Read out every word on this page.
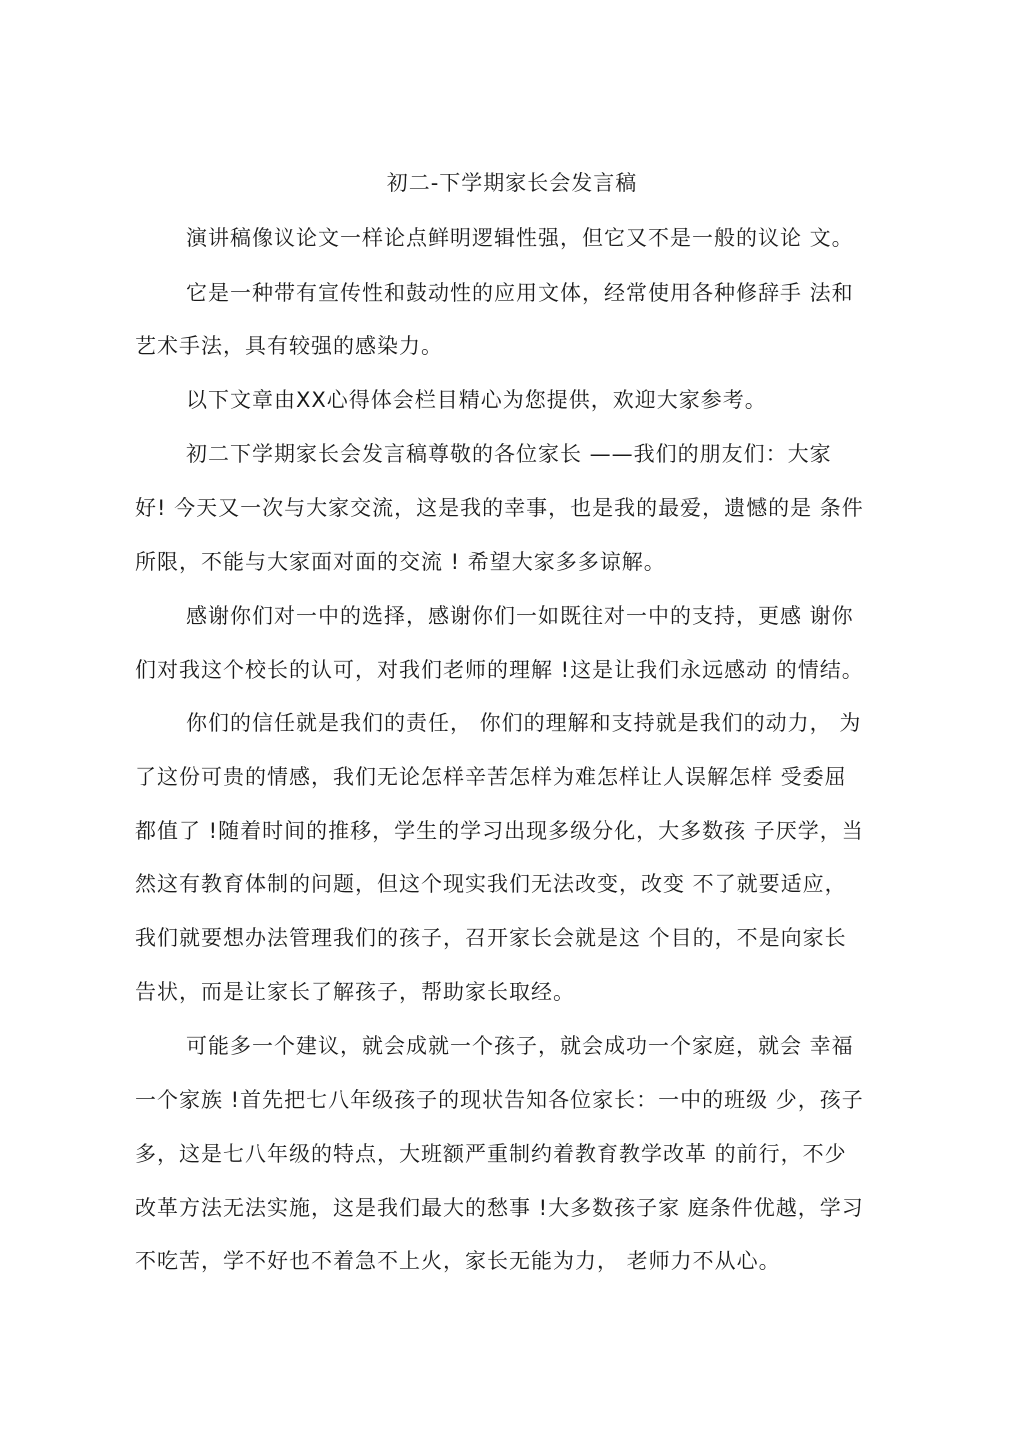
初二-下学期家长会发言稿
演讲稿像议论文一样论点鲜明逻辑性强，但它又不是一般的议论 文。
它是一种带有宣传性和鼓动性的应用文体，经常使用各种修辞手 法和
艺术手法，具有较强的感染力。
以下文章由XX心得体会栏目精心为您提供，欢迎大家参考。
初二下学期家长会发言稿尊敬的各位家长 ——我们的朋友们：大家
好! 今天又一次与大家交流，这是我的幸事，也是我的最爱，遗憾的是 条件
所限，不能与大家面对面的交流 ! 希望大家多多谅解。
感谢你们对一中的选择，感谢你们一如既往对一中的支持，更感 谢你
们对我这个校长的认可，对我们老师的理解 !这是让我们永远感动 的情结。
你们的信任就是我们的责任， 你们的理解和支持就是我们的动力， 为
了这份可贵的情感，我们无论怎样辛苦怎样为难怎样让人误解怎样 受委屈
都值了 !随着时间的推移，学生的学习出现多级分化，大多数孩 子厌学，当
然这有教育体制的问题，但这个现实我们无法改变，改变 不了就要适应，
我们就要想办法管理我们的孩子，召开家长会就是这 个目的，不是向家长
告状，而是让家长了解孩子，帮助家长取经。
可能多一个建议，就会成就一个孩子，就会成功一个家庭，就会 幸福
一个家族 !首先把七八年级孩子的现状告知各位家长：一中的班级 少，孩子
多，这是七八年级的特点，大班额严重制约着教育教学改革 的前行，不少
改革方法无法实施，这是我们最大的愁事 !大多数孩子家 庭条件优越，学习
不吃苦，学不好也不着急不上火，家长无能为力， 老师力不从心。
